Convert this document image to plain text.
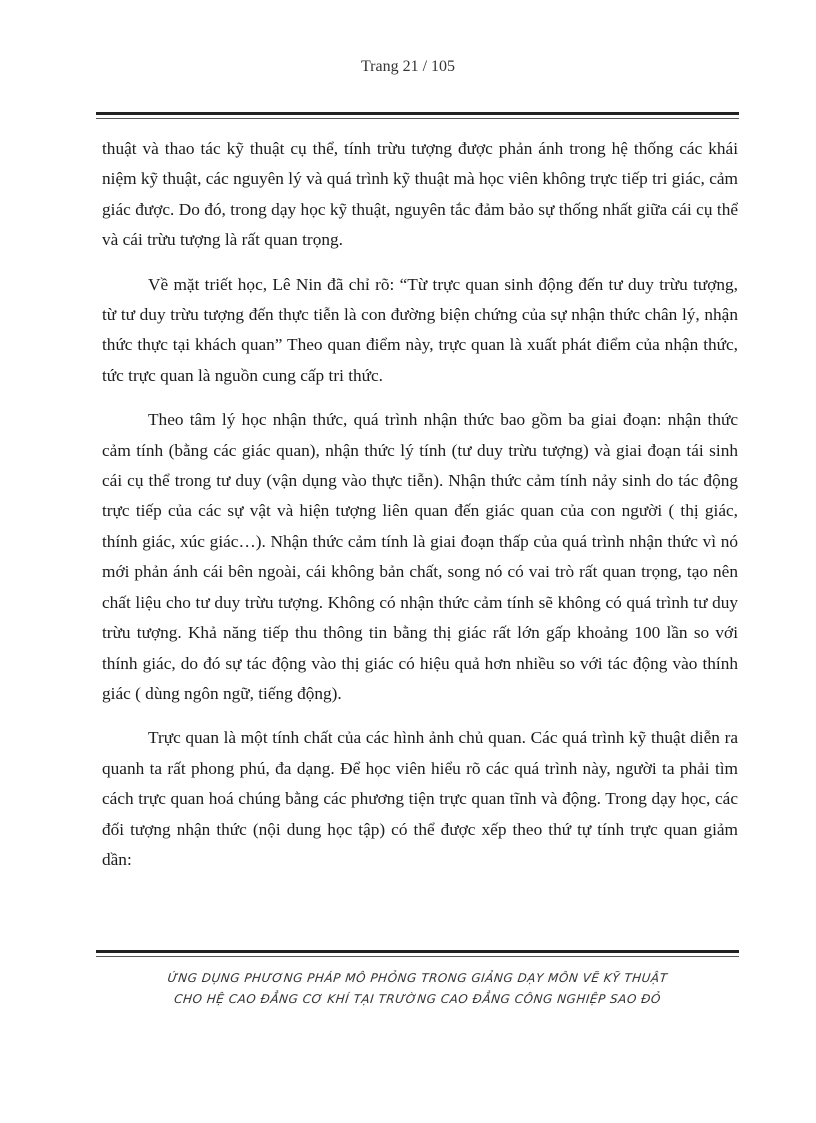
Trang 21 / 105

thuật và thao tác kỹ thuật cụ thể, tính trừu tượng được phản ánh trong hệ thống các khái niệm kỹ thuật, các nguyên lý và quá trình kỹ thuật mà học viên không trực tiếp tri giác, cảm giác được. Do đó, trong dạy học kỹ thuật, nguyên tắc đảm bảo sự thống nhất giữa cái cụ thể và cái trừu tượng là rất quan trọng.

Về mặt triết học, Lê Nin đã chỉ rõ: “Từ trực quan sinh động đến tư duy trừu tượng, từ tư duy trừu tượng đến thực tiễn là con đường biện chứng của sự nhận thức chân lý, nhận thức thực tại khách quan” Theo quan điểm này, trực quan là xuất phát điểm của nhận thức, tức trực quan là nguồn cung cấp tri thức.

Theo tâm lý học nhận thức, quá trình nhận thức bao gồm ba giai đoạn: nhận thức cảm tính (bằng các giác quan), nhận thức lý tính (tư duy trừu tượng) và giai đoạn tái sinh cái cụ thể trong tư duy (vận dụng vào thực tiễn). Nhận thức cảm tính nảy sinh do tác động trực tiếp của các sự vật và hiện tượng liên quan đến giác quan của con người ( thị giác, thính giác, xúc giác…). Nhận thức cảm tính là giai đoạn thấp của quá trình nhận thức vì nó mới phản ánh cái bên ngoài, cái không bản chất, song nó có vai trò rất quan trọng, tạo nên chất liệu cho tư duy trừu tượng. Không có nhận thức cảm tính sẽ không có quá trình tư duy trừu tượng. Khả năng tiếp thu thông tin bằng thị giác rất lớn gấp khoảng 100 lần so với thính giác, do đó sự tác động vào thị giác có hiệu quả hơn nhiều so với tác động vào thính giác ( dùng ngôn ngữ, tiếng động).

Trực quan là một tính chất của các hình ảnh chủ quan. Các quá trình kỹ thuật diễn ra quanh ta rất phong phú, đa dạng. Để học viên hiểu rõ các quá trình này, người ta phải tìm cách trực quan hoá chúng bằng các phương tiện trực quan tĩnh và động. Trong dạy học, các đối tượng nhận thức (nội dung học tập) có thể được xếp theo thứ tự tính trực quan giảm dần:

ỨNG DỤNG PHƯƠNG PHÁP MÔ PHỎNG TRONG GIẢNG DẠY MÔN VẼ KỸ THUẬT
CHO HỆ CAO ĐẲNG CƠ KHÍ TẠI TRƯỜNG CAO ĐẲNG CÔNG NGHIỆP SAO ĐỎ
